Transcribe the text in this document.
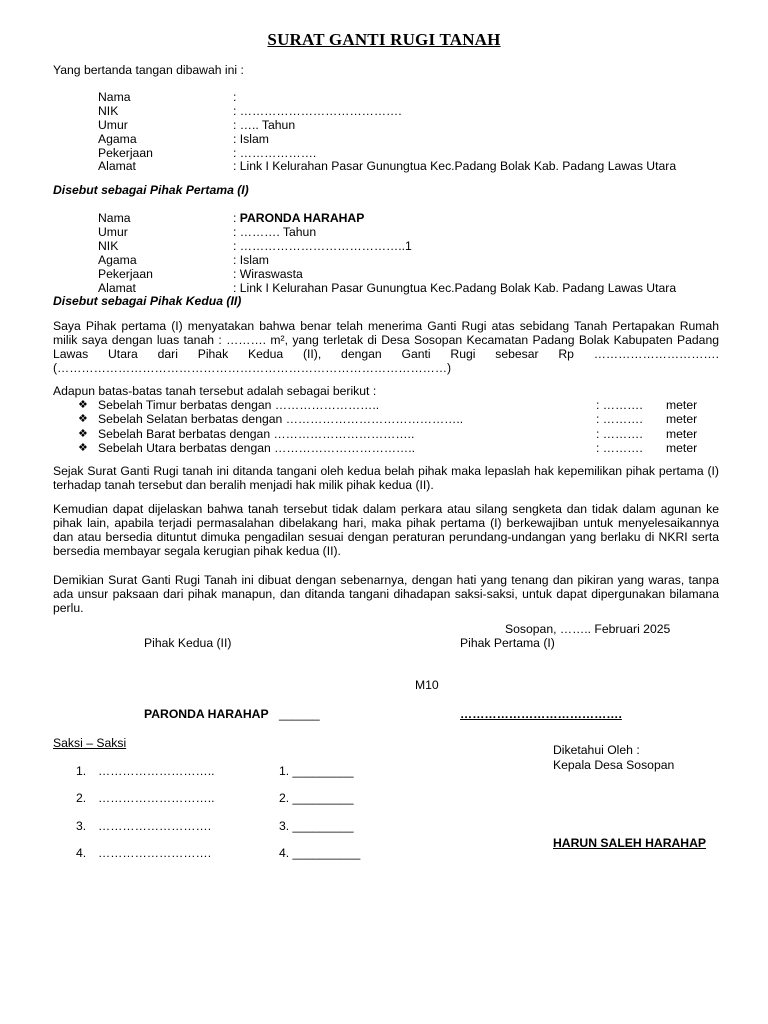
SURAT GANTI RUGI TANAH
Yang bertanda tangan dibawah ini :
Nama	:
NIK	: ………………………………….
Umur	: ….. Tahun
Agama	: Islam
Pekerjaan	: ……………….
Alamat	: Link I Kelurahan Pasar Gunungtua Kec.Padang Bolak Kab. Padang Lawas Utara
Disebut sebagai Pihak Pertama (I)
Nama	: PARONDA HARAHAP
Umur	: ………. Tahun
NIK	: …………………………………..1
Agama	: Islam
Pekerjaan	: Wiraswasta
Alamat	: Link I Kelurahan Pasar Gunungtua Kec.Padang Bolak Kab. Padang Lawas Utara
Disebut sebagai Pihak Kedua (II)
Saya Pihak pertama (I) menyatakan bahwa benar telah menerima Ganti Rugi atas sebidang Tanah Pertapakan Rumah milik saya dengan luas tanah : ………. m², yang terletak di Desa Sosopan Kecamatan Padang Bolak Kabupaten Padang Lawas Utara dari Pihak Kedua (II), dengan Ganti Rugi sebesar Rp …………………………. (……………………………………………………………………………………)
Adapun batas-batas tanah tersebut adalah sebagai berikut :
❖ Sebelah Timur berbatas dengan ……………………..	: ………. meter
❖ Sebelah Selatan berbatas dengan ……………………………………..	: ………. meter
❖ Sebelah Barat berbatas dengan ……………………………..	: ………. meter
❖ Sebelah Utara berbatas dengan ……………………………..	: ………. meter
Sejak Surat Ganti Rugi tanah ini ditanda tangani oleh kedua belah pihak maka lepaslah hak kepemilikan pihak pertama (I) terhadap tanah tersebut dan beralih menjadi hak milik pihak kedua (II).
Kemudian dapat dijelaskan bahwa tanah tersebut tidak dalam perkara atau silang sengketa dan tidak dalam agunan ke pihak lain, apabila terjadi permasalahan dibelakang hari, maka pihak pertama (I) berkewajiban untuk menyelesaikannya dan atau bersedia dituntut dimuka pengadilan sesuai dengan peraturan perundang-undangan yang berlaku di NKRI serta bersedia membayar segala kerugian pihak kedua (II).
Demikian Surat Ganti Rugi Tanah ini dibuat dengan sebenarnya, dengan hati yang tenang dan pikiran yang waras, tanpa ada unsur paksaan dari pihak manapun, dan ditanda tangani dihadapan saksi-saksi, untuk dapat dipergunakan bilamana perlu.
Sosopan, …….. Februari 2025
Pihak Kedua (II)	Pihak Pertama (I)
M10
PARONDA HARAHAP ______	………………………………….
Saksi – Saksi
1. ………………………..	1. _________
2. ………………………..	2. _________
3. ……………………….	3. _________
4. ……………………….	4. __________
Diketahui Oleh :
Kepala Desa Sosopan
HARUN SALEH HARAHAP
